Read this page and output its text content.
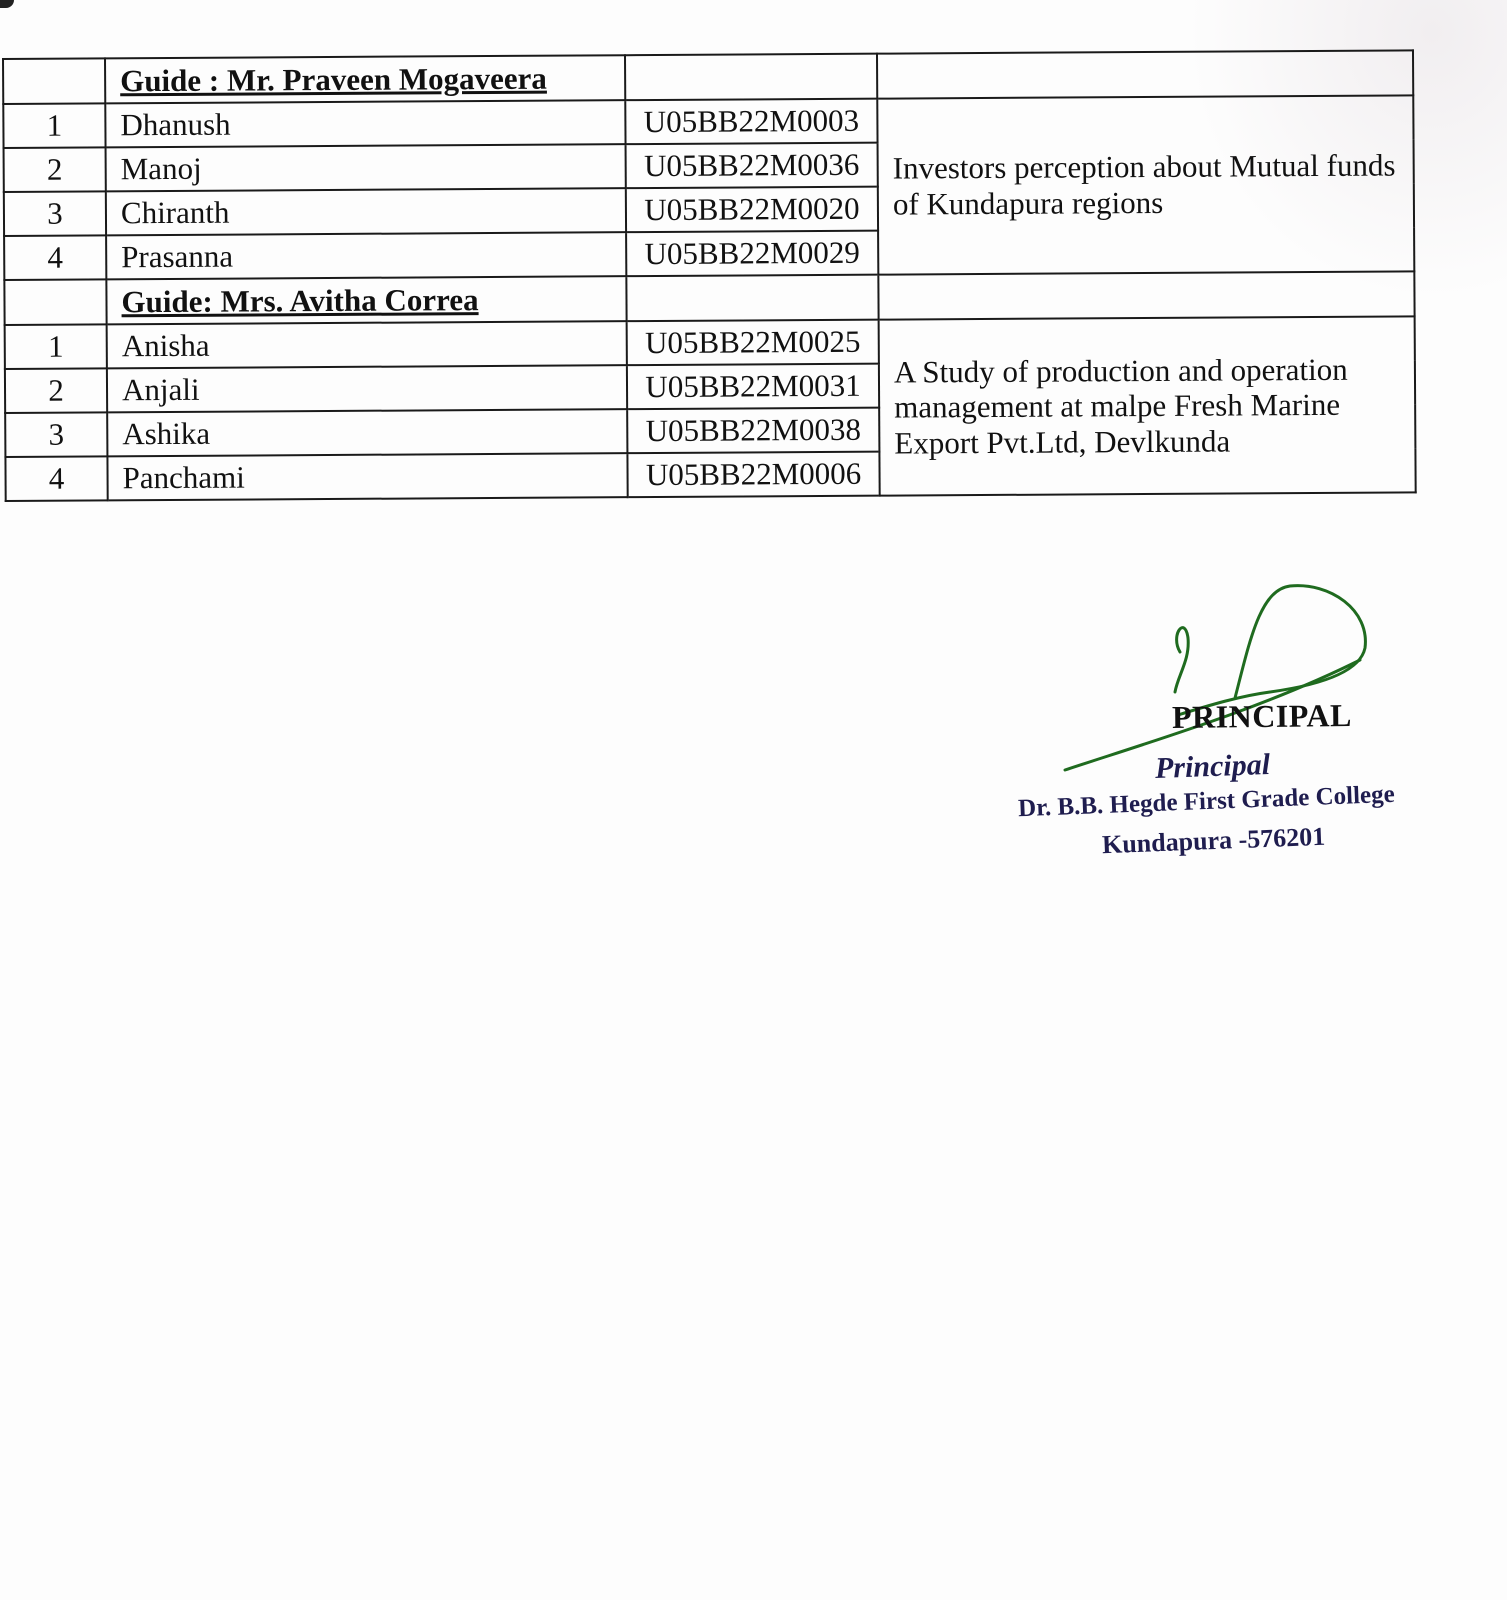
	Guide : Mr. Praveen Mogaveera		
1	Dhanush	U05BB22M0003	Investors perception about Mutual funds of Kundapura regions
2	Manoj	U05BB22M0036	
3	Chiranth	U05BB22M0020	
4	Prasanna	U05BB22M0029	
	Guide: Mrs. Avitha Correa		
1	Anisha	U05BB22M0025	A Study of production and operation management at malpe Fresh Marine Export Pvt.Ltd, Devlkunda
2	Anjali	U05BB22M0031	
3	Ashika	U05BB22M0038	
4	Panchami	U05BB22M0006	
PRINCIPAL
Principal
Dr. B.B. Hegde First Grade College
Kundapura -576201
